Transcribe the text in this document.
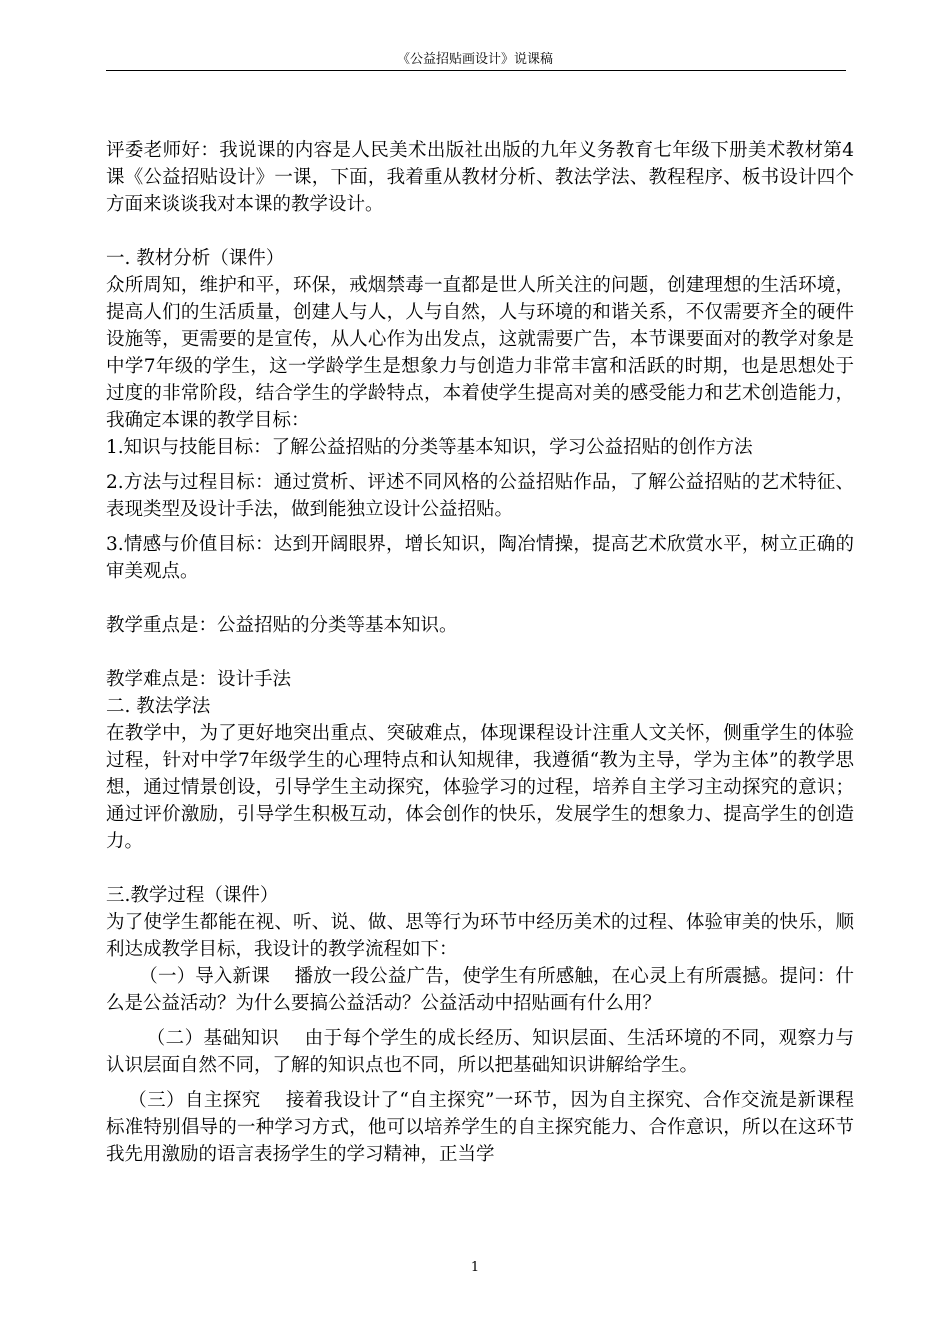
《公益招贴画设计》说课稿

评委老师好：我说课的内容是人民美术出版社出版的九年义务教育七年级下册美术教材第4课《公益招贴设计》一课，下面，我着重从教材分析、教法学法、教程程序、板书设计四个方面来谈谈我对本课的教学设计。

一. 教材分析（课件）

众所周知，维护和平，环保，戒烟禁毒一直都是世人所关注的问题，创建理想的生活环境，提高人们的生活质量，创建人与人，人与自然，人与环境的和谐关系，不仅需要齐全的硬件设施等，更需要的是宣传，从人心作为出发点，这就需要广告，本节课要面对的教学对象是中学7年级的学生，这一学龄学生是想象力与创造力非常丰富和活跃的时期，也是思想处于过度的非常阶段，结合学生的学龄特点，本着使学生提高对美的感受能力和艺术创造能力，我确定本课的教学目标：

1.知识与技能目标：了解公益招贴的分类等基本知识，学习公益招贴的创作方法

2.方法与过程目标：通过赏析、评述不同风格的公益招贴作品，了解公益招贴的艺术特征、表现类型及设计手法，做到能独立设计公益招贴。

3.情感与价值目标：达到开阔眼界，增长知识，陶冶情操，提高艺术欣赏水平，树立正确的审美观点。

教学重点是：公益招贴的分类等基本知识。

教学难点是：设计手法

二. 教法学法

在教学中，为了更好地突出重点、突破难点，体现课程设计注重人文关怀，侧重学生的体验过程，针对中学7年级学生的心理特点和认知规律，我遵循“教为主导，学为主体”的教学思想，通过情景创设，引导学生主动探究，体验学习的过程，培养自主学习主动探究的意识；通过评价激励，引导学生积极互动，体会创作的快乐，发展学生的想象力、提高学生的创造力。

三.教学过程（课件）

为了使学生都能在视、听、说、做、思等行为环节中经历美术的过程、体验审美的快乐，顺利达成教学目标，我设计的教学流程如下：

（一）导入新课　 播放一段公益广告，使学生有所感触，在心灵上有所震撼。提问：什么是公益活动？为什么要搞公益活动？公益活动中招贴画有什么用？

（二）基础知识　 由于每个学生的成长经历、知识层面、生活环境的不同，观察力与认识层面自然不同，了解的知识点也不同，所以把基础知识讲解给学生。

（三）自主探究　 接着我设计了“自主探究”一环节，因为自主探究、合作交流是新课程标准特别倡导的一种学习方式，他可以培养学生的自主探究能力、合作意识，所以在这环节我先用激励的语言表扬学生的学习精神，正当学

1
